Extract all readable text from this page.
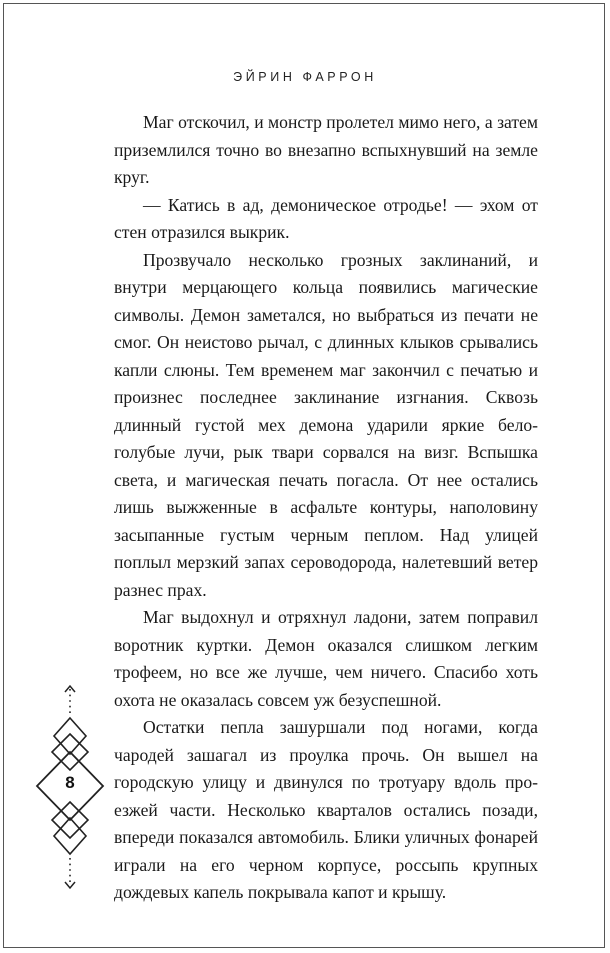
ЭЙРИН ФАРРОН

Маг отскочил, и монстр пролетел мимо него, а затем приземлился точно во внезапно вспыхнувший на земле круг.

— Катись в ад, демоническое отродье! — эхом от стен отразился выкрик.

Прозвучало несколько грозных заклинаний, и внутри мерцающего кольца появились магические символы. Демон заметался, но выбраться из печати не смог. Он неистово рычал, с длинных клыков срывались капли слюны. Тем временем маг закончил с печатью и произнес последнее заклинание изгнания. Сквозь длинный густой мех демона ударили яркие бело-голубые лучи, рык твари сорвался на визг. Вспышка света, и магическая печать погасла. От нее остались лишь выжженные в асфальте контуры, наполовину засыпанные густым черным пеплом. Над улицей поплыл мерзкий запах сероводорода, налетевший ветер разнес прах.

Маг выдохнул и отряхнул ладони, затем поправил воротник куртки. Демон оказался слишком легким трофеем, но все же лучше, чем ничего. Спасибо хоть охота не оказалась совсем уж безуспешной.

Остатки пепла зашуршали под ногами, когда чародей зашагал из проулка прочь. Он вышел на городскую улицу и двинулся по тротуару вдоль проезжей части. Несколько кварталов остались позади, впереди показался автомобиль. Блики уличных фонарей играли на его черном корпусе, россыпь крупных дождевых капель покрывала капот и крышу.

8
